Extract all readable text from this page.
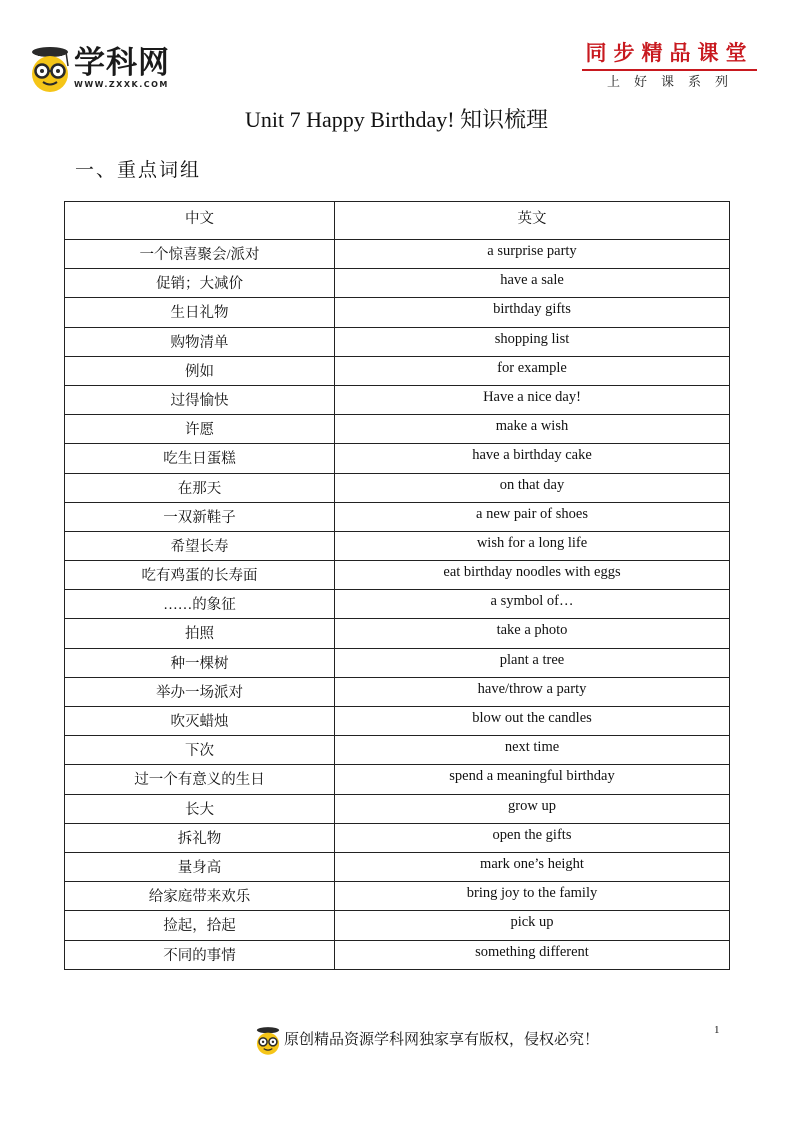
学科网
WWW.ZXXK.COM
同步精品课堂
上好课系列
Unit 7 Happy Birthday! 知识梳理
一、重点词组
中文	英文
一个惊喜聚会/派对	a surprise party
促销；大减价	have a sale
生日礼物	birthday gifts
购物清单	shopping list
例如	for example
过得愉快	Have a nice day!
许愿	make a wish
吃生日蛋糕	have a birthday cake
在那天	on that day
一双新鞋子	a new pair of shoes
希望长寿	wish for a long life
吃有鸡蛋的长寿面	eat birthday noodles with eggs
……的象征	a symbol of…
拍照	take a photo
种一棵树	plant a tree
举办一场派对	have/throw a party
吹灭蜡烛	blow out the candles
下次	next time
过一个有意义的生日	spend a meaningful birthday
长大	grow up
拆礼物	open the gifts
量身高	mark one’s height
给家庭带来欢乐	bring joy to the family
捡起，拾起	pick up
不同的事情	something different
原创精品资源学科网独家享有版权，侵权必究！
1
